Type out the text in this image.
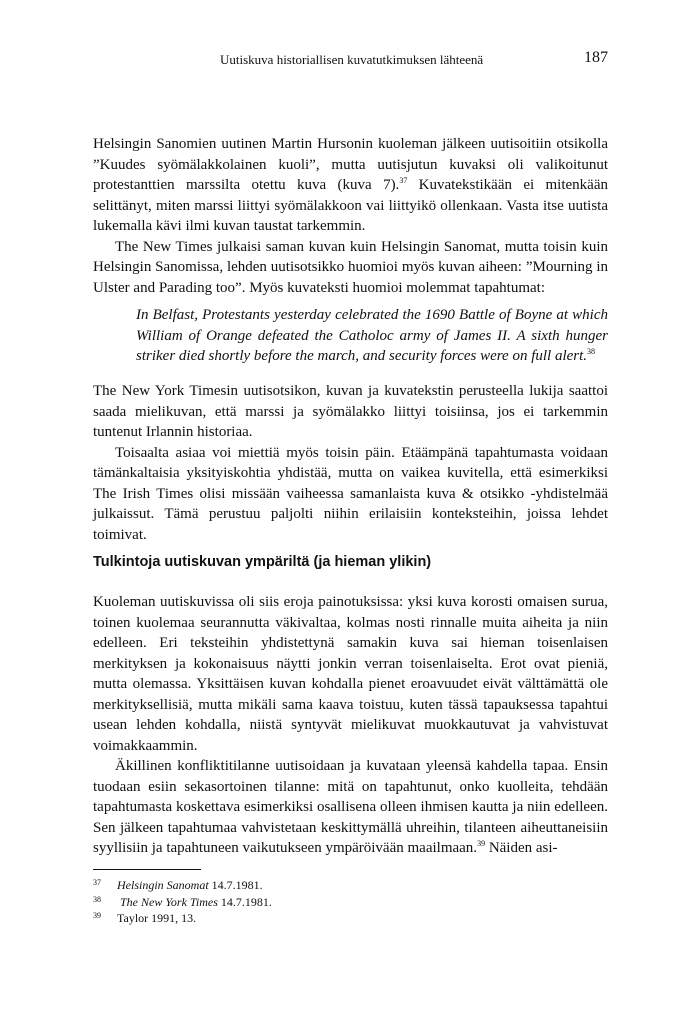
Uutiskuva historiallisen kuvatutkimuksen lähteenä	187

Helsingin Sanomien uutinen Martin Hursonin kuoleman jälkeen uutisoitiin otsikolla ”Kuudes syömälakkolainen kuoli”, mutta uutisjutun kuvaksi oli valikoitunut protestanttien marssilta otettu kuva (kuva 7).$^{37}$ Kuvatekstikään ei mitenkään selittänyt, miten marssi liittyi syömälakkoon vai liittyikö ollenkaan. Vasta itse uutista lukemalla kävi ilmi kuvan taustat tarkemmin.

The New Times julkaisi saman kuvan kuin Helsingin Sanomat, mutta toisin kuin Helsingin Sanomissa, lehden uutisotsikko huomioi myös kuvan aiheen: ”Mourning in Ulster and Parading too”. Myös kuvateksti huomioi molemmat tapahtumat:

In Belfast, Protestants yesterday celebrated the 1690 Battle of Boyne at which William of Orange defeated the Catholoc army of James II. A sixth hunger striker died shortly before the march, and security forces were on full alert.$^{38}$

The New York Timesin uutisotsikon, kuvan ja kuvatekstin perusteella lukija saattoi saada mielikuvan, että marssi ja syömälakko liittyi toisiinsa, jos ei tarkemmin tuntenut Irlannin historiaa.

Toisaalta asiaa voi miettiä myös toisin päin. Etäämpänä tapahtumasta voidaan tämänkaltaisia yksityiskohtia yhdistää, mutta on vaikea kuvitella, että esimerkiksi The Irish Times olisi missään vaiheessa samanlaista kuva & otsikko -yhdistelmää julkaissut. Tämä perustuu paljolti niihin erilaisiin konteksteihin, joissa lehdet toimivat.

Tulkintoja uutiskuvan ympäriltä (ja hieman ylikin)

Kuoleman uutiskuvissa oli siis eroja painotuksissa: yksi kuva korosti omaisen surua, toinen kuolemaa seurannutta väkivaltaa, kolmas nosti rinnalle muita aiheita ja niin edelleen. Eri teksteihin yhdistettynä samakin kuva sai hieman toisenlaisen merkityksen ja kokonaisuus näytti jonkin verran toisenlaiselta. Erot ovat pieniä, mutta olemassa. Yksittäisen kuvan kohdalla pienet eroavuudet eivät välttämättä ole merkityksellisiä, mutta mikäli sama kaava toistuu, kuten tässä tapauksessa tapahtui usean lehden kohdalla, niistä syntyvät mielikuvat muokkautuvat ja vahvistuvat voimakkaammin.

Äkillinen konfliktitilanne uutisoidaan ja kuvataan yleensä kahdella tapaa. Ensin tuodaan esiin sekasortoinen tilanne: mitä on tapahtunut, onko kuolleita, tehdään tapahtumasta koskettava esimerkiksi osallisena olleen ihmisen kautta ja niin edelleen. Sen jälkeen tapahtumaa vahvistetaan keskittymällä uhreihin, tilanteen aiheuttaneisiin syyllisiin ja tapahtuneen vaikutukseen ympäröivään maailmaan.$^{39}$ Näiden asi-

37 Helsingin Sanomat 14.7.1981.
38 The New York Times 14.7.1981.
39 Taylor 1991, 13.
